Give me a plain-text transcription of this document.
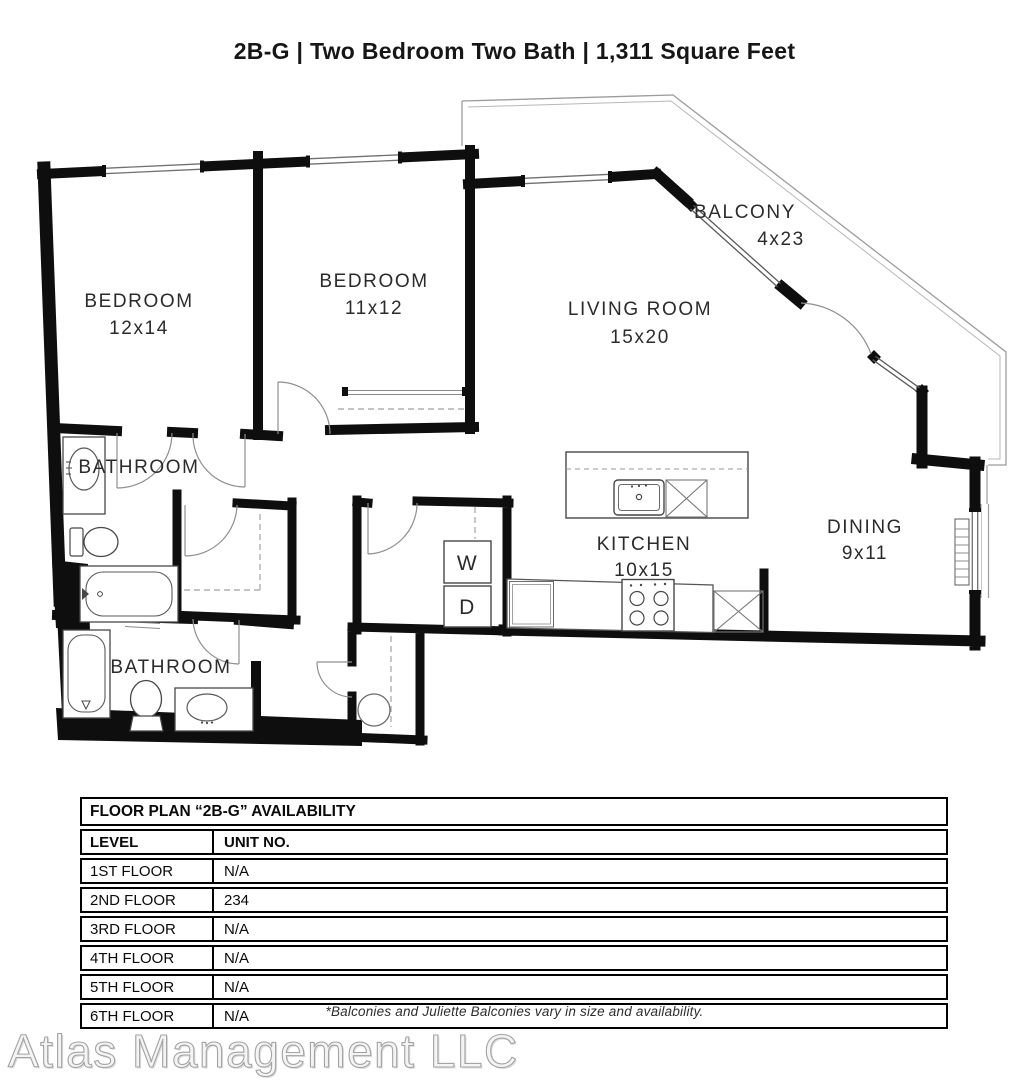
2B-G | Two Bedroom Two Bath | 1,311 Square Feet
BEDROOM
12x14
BEDROOM
11x12	LIVING ROOM
15x20
BALCONY
4x23
KITCHEN
10x15
DINING
9x11
BATHROOM
BATHROOM
W
D
FLOOR PLAN “2B-G” AVAILABILITY
LEVEL	UNIT NO.
1ST FLOOR	N/A
2ND FLOOR	234
3RD FLOOR	N/A
4TH FLOOR	N/A
5TH FLOOR	N/A
6TH FLOOR	N/A	*Balconies and Juliette Balconies vary in size and availability.
Atlas Management LLC
